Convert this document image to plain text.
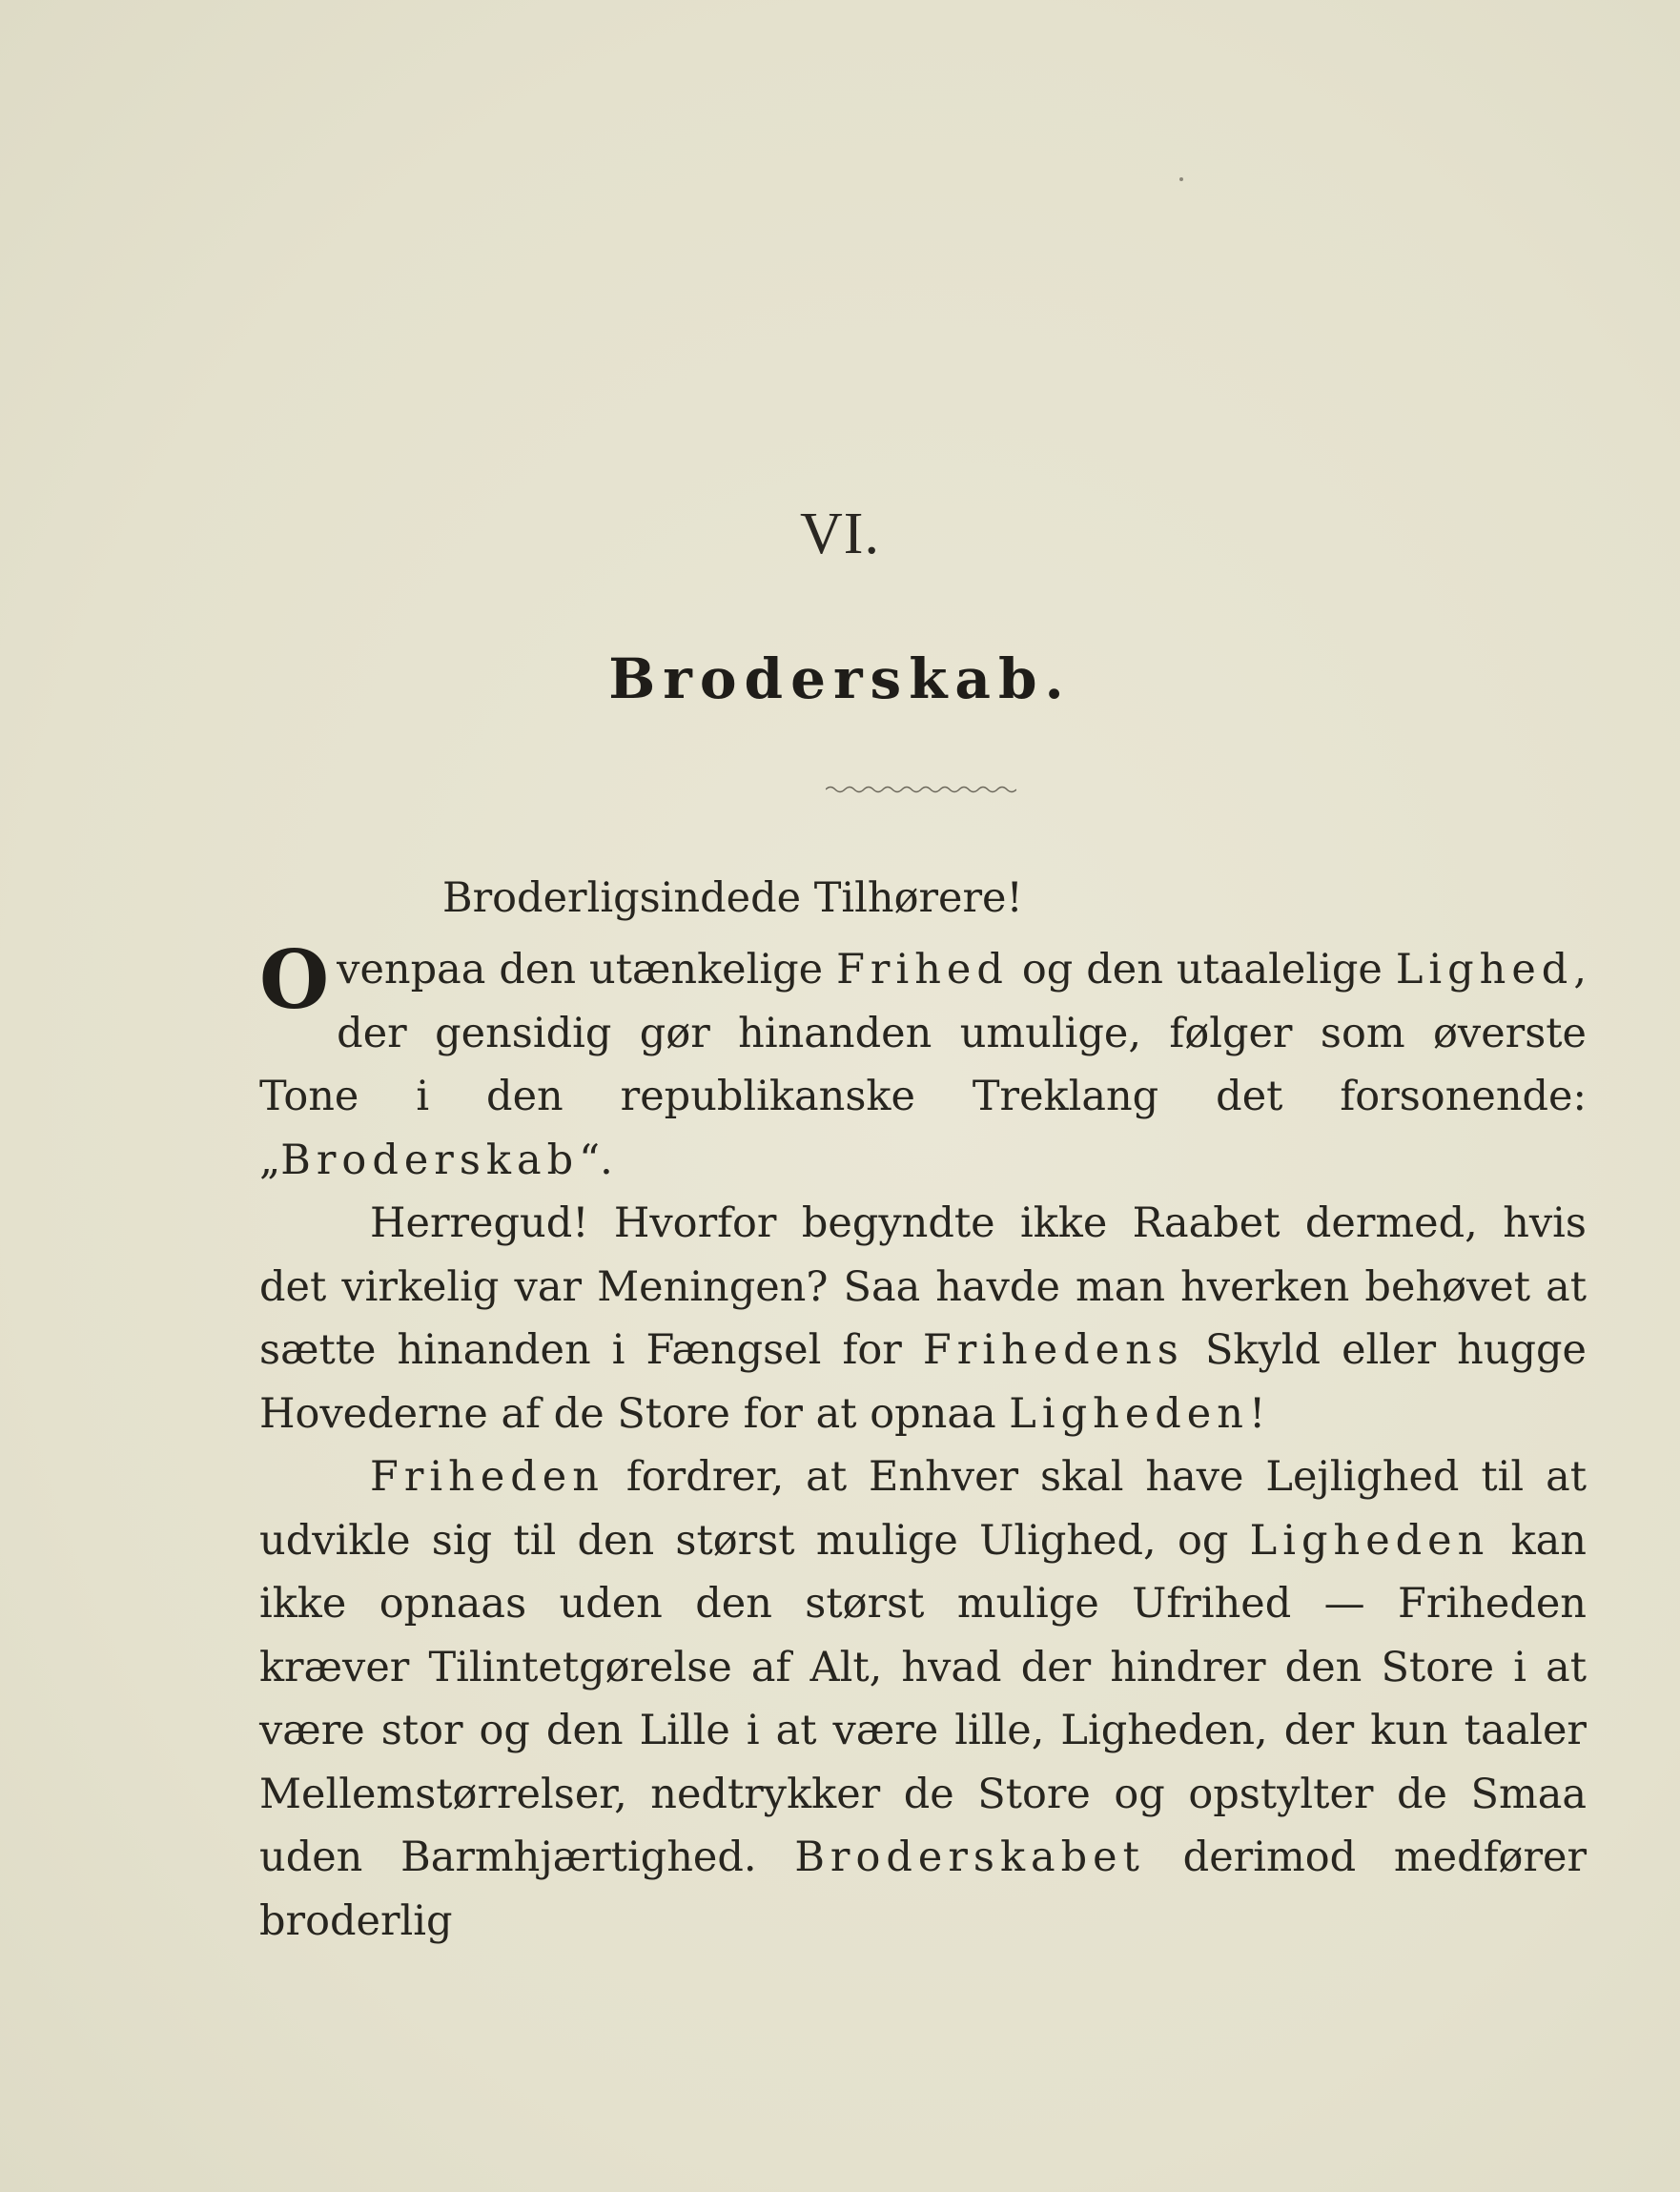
VI.
Broderskab.

Broderligsindede Tilhørere!

Ovenpaa den utænkelige Frihed og den utaalelige Lighed, der gensidig gør hinanden umulige, følger som øverste Tone i den republikanske Treklang det forsonende: „Broderskab“.

Herregud! Hvorfor begyndte ikke Raabet dermed, hvis det virkelig var Meningen? Saa havde man hverken behøvet at sætte hinanden i Fængsel for Frihedens Skyld eller hugge Hovederne af de Store for at opnaa Ligheden!

Friheden fordrer, at Enhver skal have Lejlighed til at udvikle sig til den størst mulige Ulighed, og Ligheden kan ikke opnaas uden den størst mulige Ufrihed — Friheden kræver Tilintetgørelse af Alt, hvad der hindrer den Store i at være stor og den Lille i at være lille, Ligheden, der kun taaler Mellemstørrelser, nedtrykker de Store og opstylter de Smaa uden Barmhjærtighed. Broderskabet derimod medfører broderlig
